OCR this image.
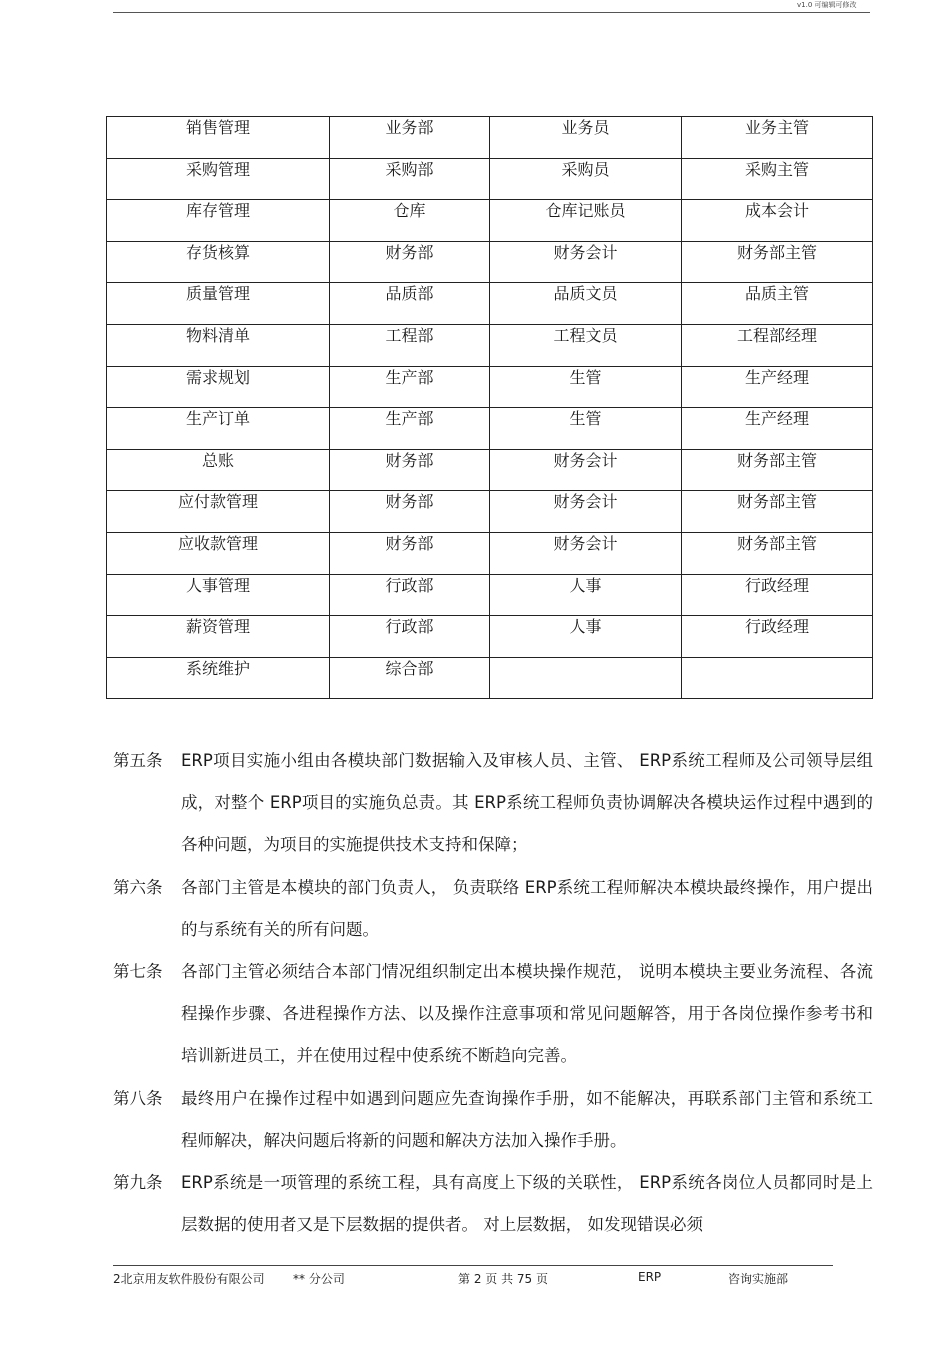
v1.0 可编辑可修改
销售管理	业务部	业务员	业务主管
采购管理	采购部	采购员	采购主管
库存管理	仓库	仓库记账员	成本会计
存货核算	财务部	财务会计	财务部主管
质量管理	品质部	品质文员	品质主管
物料清单	工程部	工程文员	工程部经理
需求规划	生产部	生管	生产经理
生产订单	生产部	生管	生产经理
总账	财务部	财务会计	财务部主管
应付款管理	财务部	财务会计	财务部主管
应收款管理	财务部	财务会计	财务部主管
人事管理	行政部	人事	行政经理
薪资管理	行政部	人事	行政经理
系统维护	综合部		
第五条 ERP项目实施小组由各模块部门数据输入及审核人员、主管、 ERP系统工程师及公司领导层组成，对整个 ERP项目的实施负总责。其 ERP系统工程师负责协调解决各模块运作过程中遇到的各种问题，为项目的实施提供技术支持和保障；
第六条 各部门主管是本模块的部门负责人， 负责联络 ERP系统工程师解决本模块最终操作，用户提出的与系统有关的所有问题。
第七条 各部门主管必须结合本部门情况组织制定出本模块操作规范， 说明本模块主要业务流程、各流程操作步骤、各进程操作方法、以及操作注意事项和常见问题解答，用于各岗位操作参考书和培训新进员工，并在使用过程中使系统不断趋向完善。
第八条 最终用户在操作过程中如遇到问题应先查询操作手册，如不能解决，再联系部门主管和系统工程师解决，解决问题后将新的问题和解决方法加入操作手册。
第九条 ERP系统是一项管理的系统工程，具有高度上下级的关联性， ERP系统各岗位人员都同时是上层数据的使用者又是下层数据的提供者。 对上层数据， 如发现错误必须
2北京用友软件股份有限公司 ** 分公司	第 2 页 共 75 页	ERP	咨询实施部
